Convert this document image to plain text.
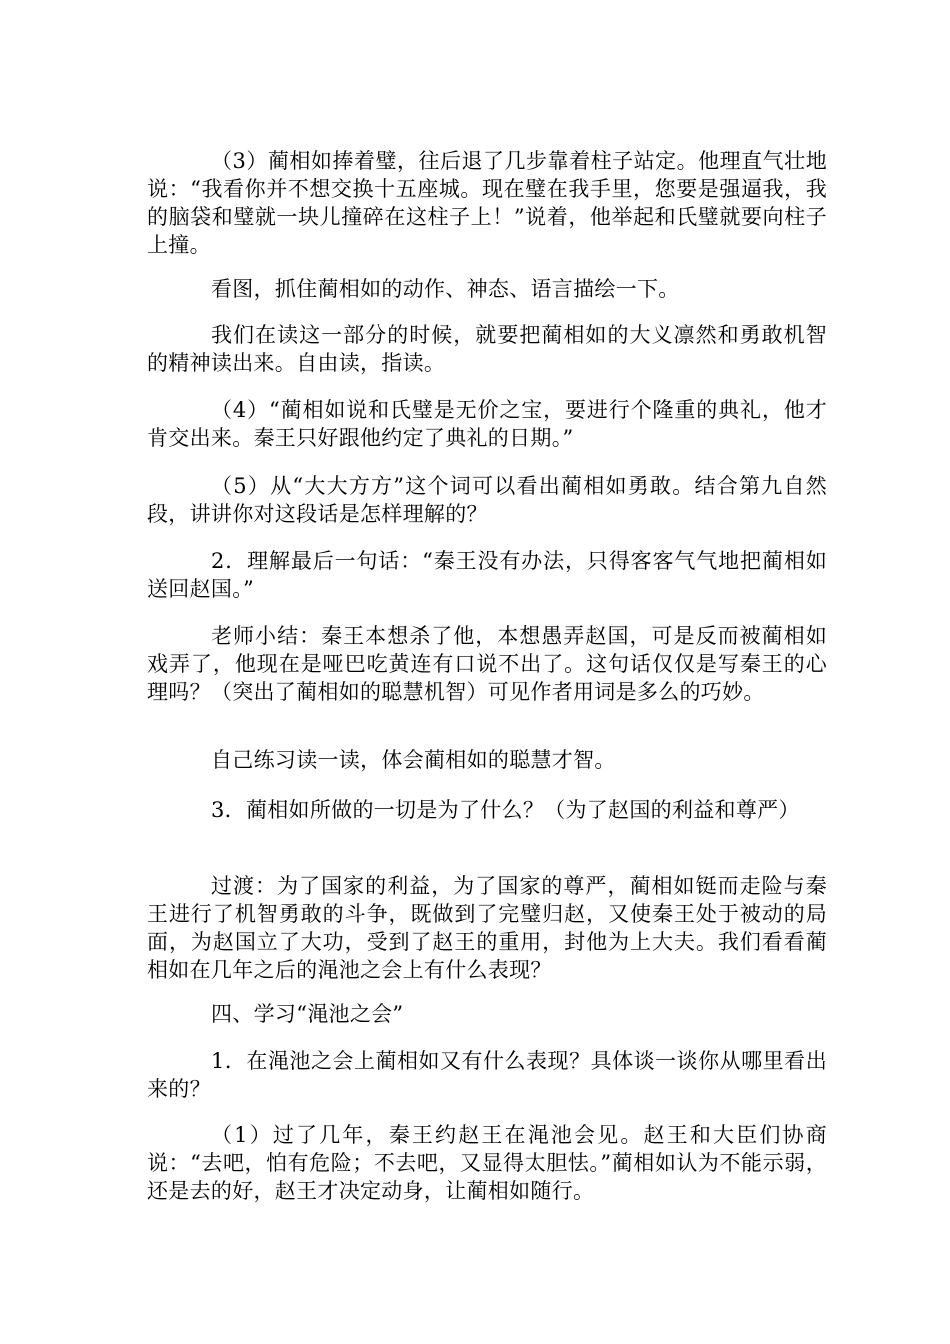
（3）蔺相如捧着璧，往后退了几步靠着柱子站定。他理直气壮地说：“我看你并不想交换十五座城。现在璧在我手里，您要是强逼我，我的脑袋和璧就一块儿撞碎在这柱子上！”说着，他举起和氏璧就要向柱子上撞。

看图，抓住蔺相如的动作、神态、语言描绘一下。

我们在读这一部分的时候，就要把蔺相如的大义凛然和勇敢机智的精神读出来。自由读，指读。

（4）“蔺相如说和氏璧是无价之宝，要进行个隆重的典礼，他才肯交出来。秦王只好跟他约定了典礼的日期。”

（5）从“大大方方”这个词可以看出蔺相如勇敢。结合第九自然段，讲讲你对这段话是怎样理解的？

2．理解最后一句话：“秦王没有办法，只得客客气气地把蔺相如送回赵国。”

老师小结：秦王本想杀了他，本想愚弄赵国，可是反而被蔺相如戏弄了，他现在是哑巴吃黄连有口说不出了。这句话仅仅是写秦王的心理吗？（突出了蔺相如的聪慧机智）可见作者用词是多么的巧妙。

自己练习读一读，体会蔺相如的聪慧才智。

3．蔺相如所做的一切是为了什么？（为了赵国的利益和尊严）

过渡：为了国家的利益，为了国家的尊严，蔺相如铤而走险与秦王进行了机智勇敢的斗争，既做到了完璧归赵，又使秦王处于被动的局面，为赵国立了大功，受到了赵王的重用，封他为上大夫。我们看看蔺相如在几年之后的渑池之会上有什么表现？

四、学习“渑池之会”

1．在渑池之会上蔺相如又有什么表现？具体谈一谈你从哪里看出来的？

（1）过了几年，秦王约赵王在渑池会见。赵王和大臣们协商说：“去吧，怕有危险；不去吧，又显得太胆怯。”蔺相如认为不能示弱，还是去的好，赵王才决定动身，让蔺相如随行。
